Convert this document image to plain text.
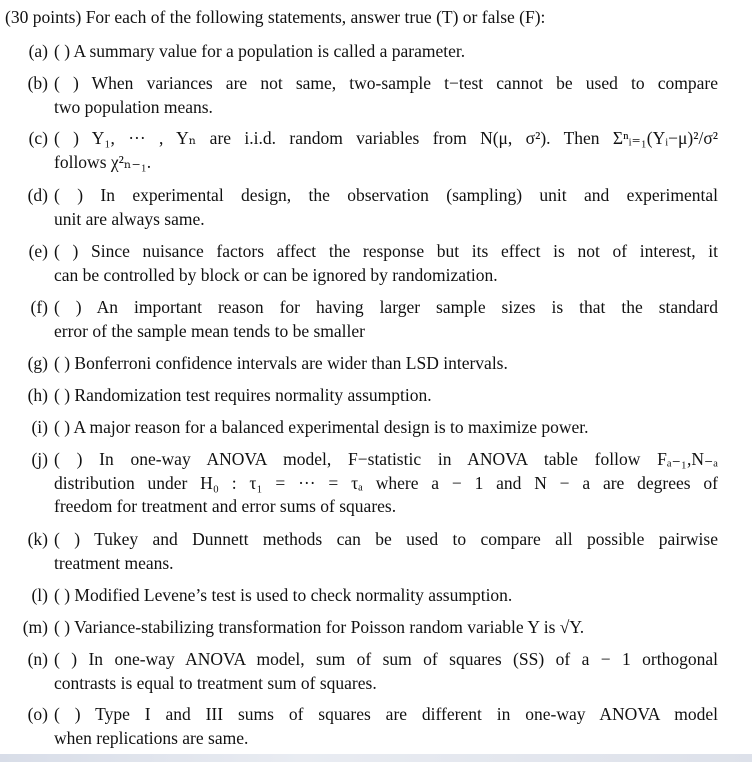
(30 points) For each of the following statements, answer true (T) or false (F):
(a) ( ) A summary value for a population is called a parameter.
(b) ( ) When variances are not same, two-sample t−test cannot be used to compare
two population means.
(c) ( ) Y₁, ··· , Yₙ are i.i.d. random variables from N(μ, σ²). Then Σⁿᵢ₌₁(Yᵢ−μ)²/σ²
follows χ²ₙ₋₁.
(d) ( ) In experimental design, the observation (sampling) unit and experimental
unit are always same.
(e) ( ) Since nuisance factors affect the response but its effect is not of interest, it
can be controlled by block or can be ignored by randomization.
(f) ( ) An important reason for having larger sample sizes is that the standard
error of the sample mean tends to be smaller
(g) ( ) Bonferroni confidence intervals are wider than LSD intervals.
(h) ( ) Randomization test requires normality assumption.
(i) ( ) A major reason for a balanced experimental design is to maximize power.
(j) ( ) In one-way ANOVA model, F−statistic in ANOVA table follow Fₐ₋₁,N₋ₐ
distribution under H₀ : τ₁ = ··· = τₐ where a − 1 and N − a are degrees of
freedom for treatment and error sums of squares.
(k) ( ) Tukey and Dunnett methods can be used to compare all possible pairwise
treatment means.
(l) ( ) Modified Levene’s test is used to check normality assumption.
(m) ( ) Variance-stabilizing transformation for Poisson random variable Y is √Y.
(n) ( ) In one-way ANOVA model, sum of sum of squares (SS) of a − 1 orthogonal
contrasts is equal to treatment sum of squares.
(o) ( ) Type I and III sums of squares are different in one-way ANOVA model
when replications are same.
